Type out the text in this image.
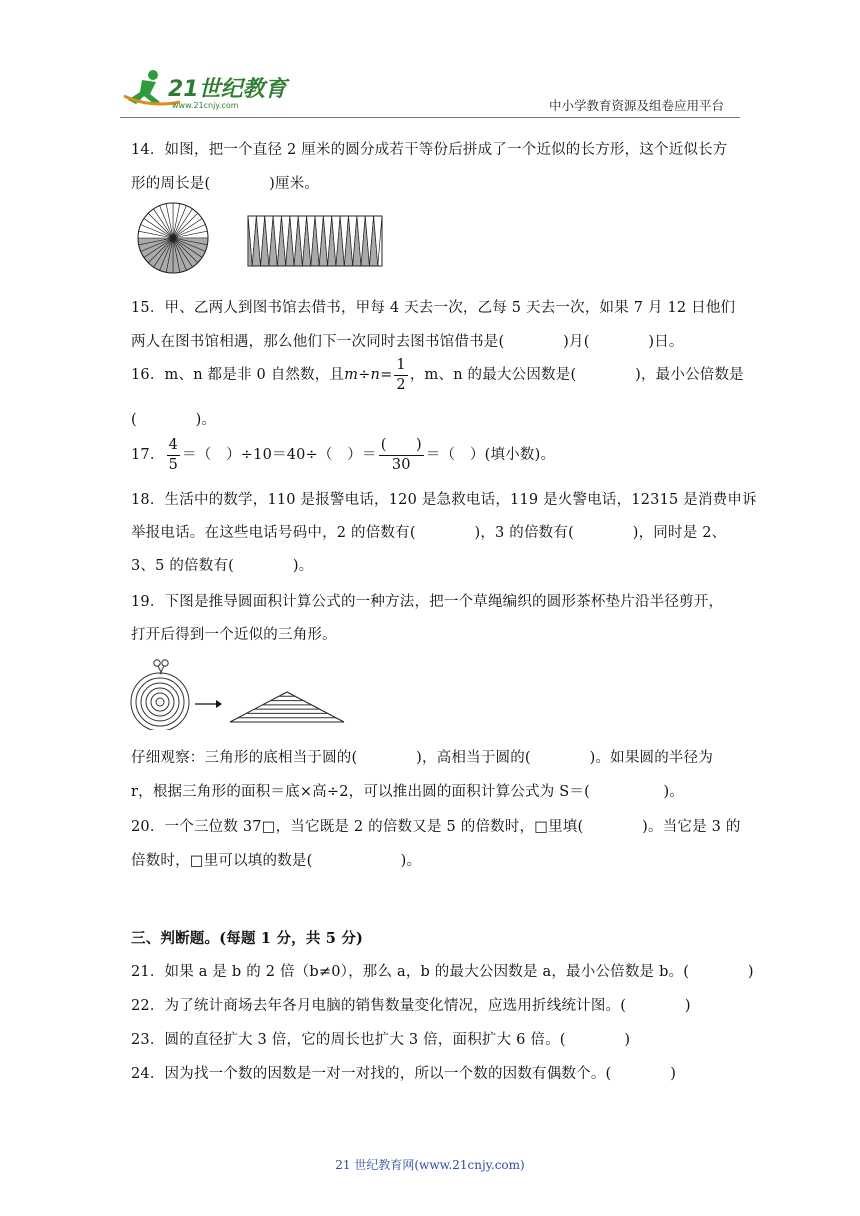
21世纪教育
www.21cnjy.com	中小学教育资源及组卷应用平台
14．如图，把一个直径 2 厘米的圆分成若干等份后拼成了一个近似的长方形，这个近似长方
形的周长是(　　　　)厘米。
15．甲、乙两人到图书馆去借书，甲每 4 天去一次，乙每 5 天去一次，如果 7 月 12 日他们
两人在图书馆相遇，那么他们下一次同时去图书馆借书是(　　　　)月(　　　　)日。
16．m、n 都是非 0 自然数，且$m\div n= \frac{1}{2}$ ，m、n 的最大公因数是(　　　　)，最小公倍数是
(　　　　)。
17． $\frac{4}{5}$ ＝（　）÷10＝40÷（　）＝ $\frac{( )}{30}$ ＝（　）(填小数)。
18．生活中的数学，110 是报警电话，120 是急救电话，119 是火警电话，12315 是消费申诉
举报电话。在这些电话号码中，2 的倍数有(　　　　)，3 的倍数有(　　　　)，同时是 2、
3、5 的倍数有(　　　　)。
19．下图是推导圆面积计算公式的一种方法，把一个草绳编织的圆形茶杯垫片沿半径剪开，
打开后得到一个近似的三角形。
仔细观察：三角形的底相当于圆的(　　　　)，高相当于圆的(　　　　)。如果圆的半径为
r，根据三角形的面积＝底×高÷2，可以推出圆的面积计算公式为 S＝(　　　　　)。
20．一个三位数 37□，当它既是 2 的倍数又是 5 的倍数时，□里填(　　　　)。当它是 3 的
倍数时，□里可以填的数是(　　　　　　)。
三、判断题。(每题 1 分，共 5 分)
21．如果 a 是 b 的 2 倍（b≠0），那么 a，b 的最大公因数是 a，最小公倍数是 b。(　　　　)
22．为了统计商场去年各月电脑的销售数量变化情况，应选用折线统计图。(　　　　)
23．圆的直径扩大 3 倍，它的周长也扩大 3 倍，面积扩大 6 倍。(　　　　)
24．因为找一个数的因数是一对一对找的，所以一个数的因数有偶数个。(　　　　)
21 世纪教育网(www.21cnjy.com)
